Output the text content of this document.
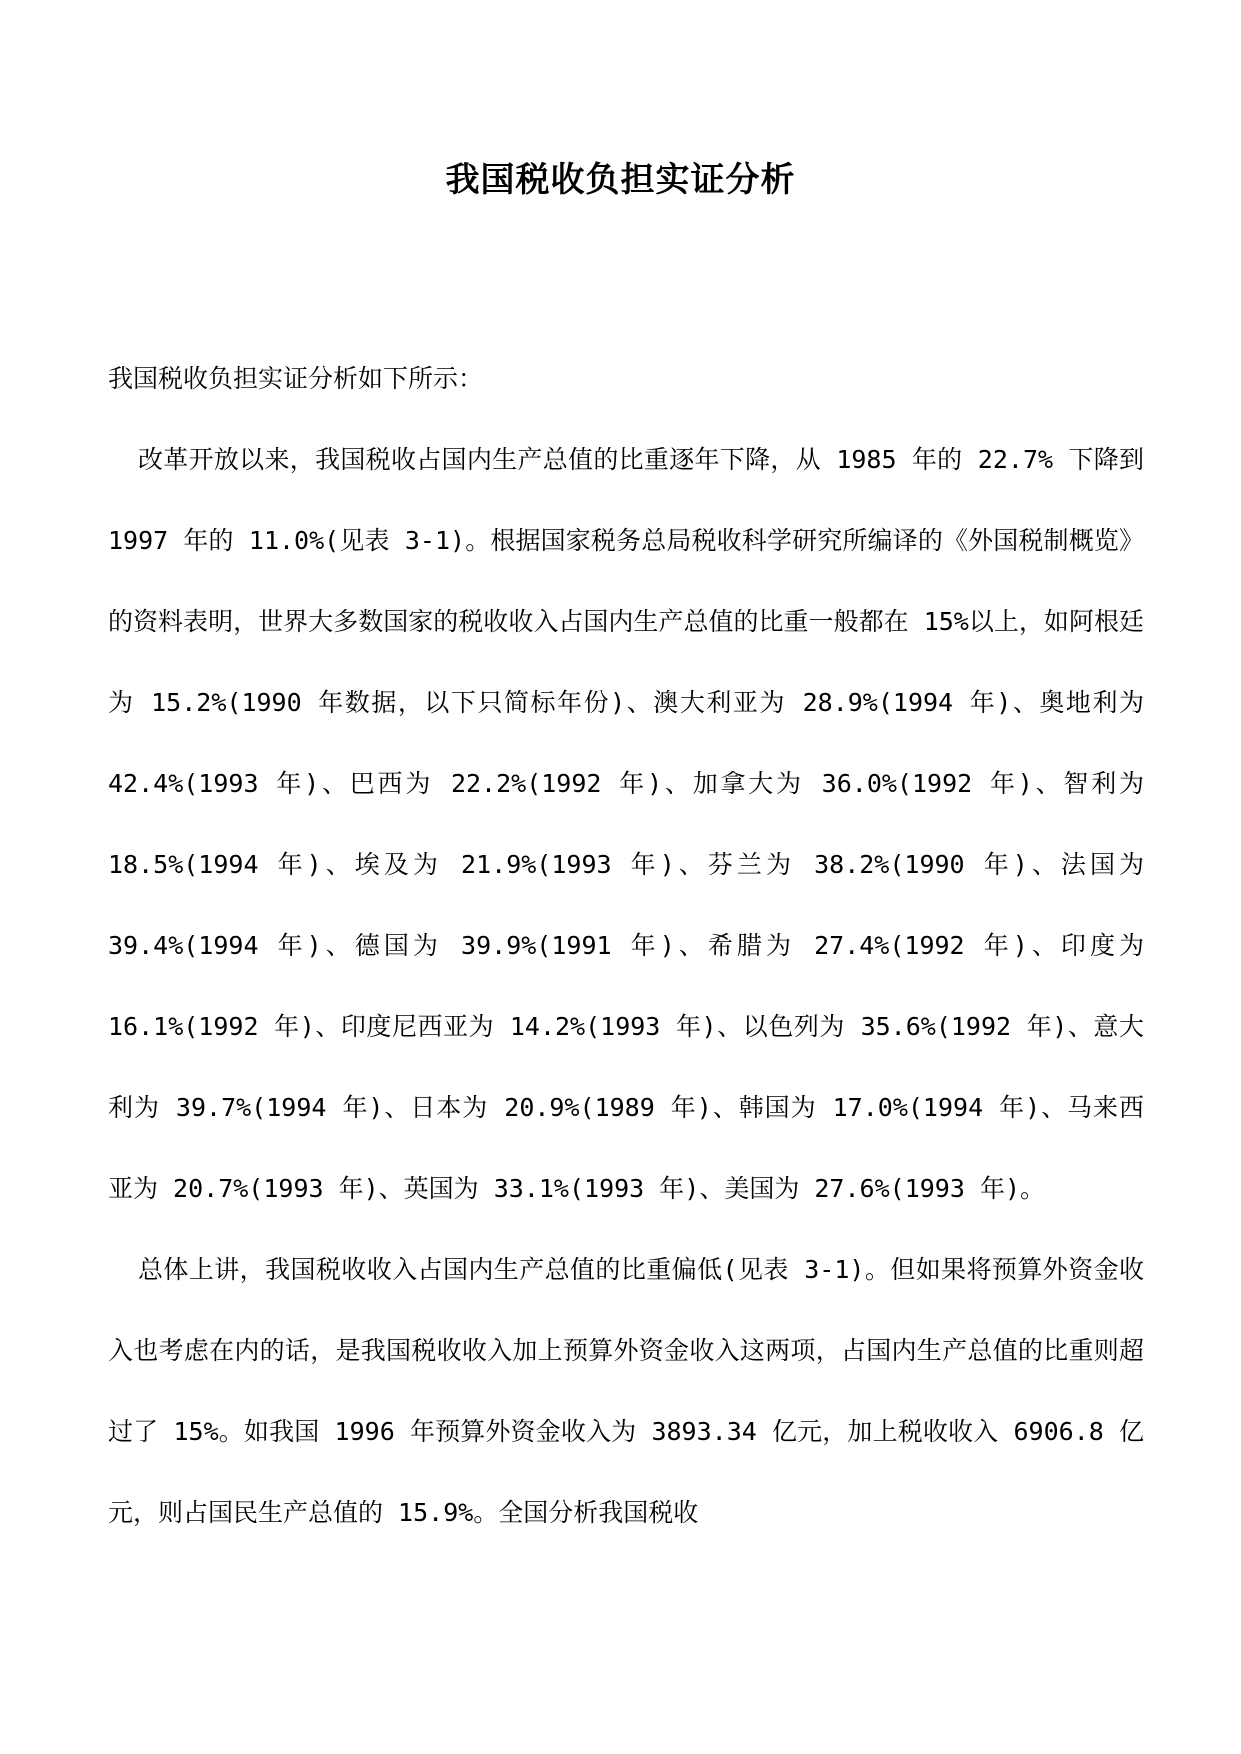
我国税收负担实证分析

我国税收负担实证分析如下所示：

改革开放以来，我国税收占国内生产总值的比重逐年下降，从 1985 年的 22.7% 下降到 1997 年的 11.0%(见表 3-1)。根据国家税务总局税收科学研究所编译的《外国税制概览》的资料表明，世界大多数国家的税收收入占国内生产总值的比重一般都在 15%以上，如阿根廷为 15.2%(1990 年数据，以下只简标年份)、澳大利亚为 28.9%(1994 年)、奥地利为 42.4%(1993 年)、巴西为 22.2%(1992 年)、加拿大为 36.0%(1992 年)、智利为 18.5%(1994 年)、埃及为 21.9%(1993 年)、芬兰为 38.2%(1990 年)、法国为 39.4%(1994 年)、德国为 39.9%(1991 年)、希腊为 27.4%(1992 年)、印度为 16.1%(1992 年)、印度尼西亚为 14.2%(1993 年)、以色列为 35.6%(1992 年)、意大利为 39.7%(1994 年)、日本为 20.9%(1989 年)、韩国为 17.0%(1994 年)、马来西亚为 20.7%(1993 年)、英国为 33.1%(1993 年)、美国为 27.6%(1993 年)。

总体上讲，我国税收收入占国内生产总值的比重偏低(见表 3-1)。但如果将预算外资金收入也考虑在内的话，是我国税收收入加上预算外资金收入这两项，占国内生产总值的比重则超过了 15%。如我国 1996 年预算外资金收入为 3893.34 亿元，加上税收收入 6906.8 亿元，则占国民生产总值的 15.9%。全国分析我国税收
